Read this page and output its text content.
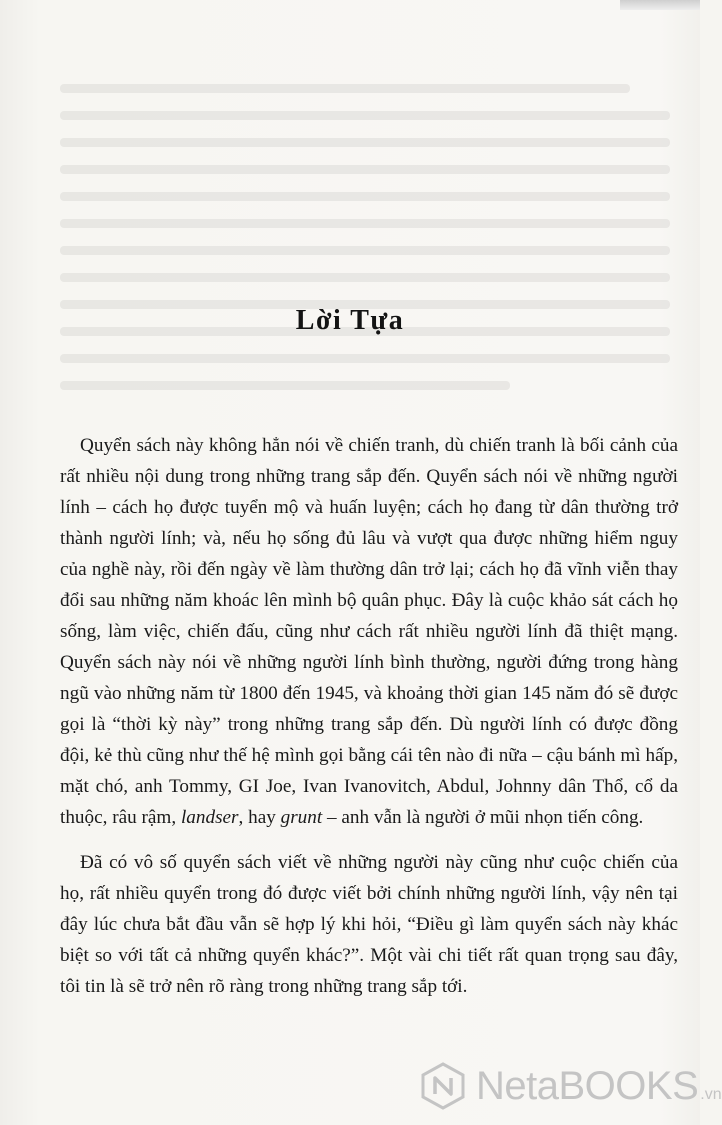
Lời Tựa

Quyển sách này không hẳn nói về chiến tranh, dù chiến tranh là bối cảnh của rất nhiều nội dung trong những trang sắp đến. Quyển sách nói về những người lính – cách họ được tuyển mộ và huấn luyện; cách họ đang từ dân thường trở thành người lính; và, nếu họ sống đủ lâu và vượt qua được những hiểm nguy của nghề này, rồi đến ngày về làm thường dân trở lại; cách họ đã vĩnh viễn thay đổi sau những năm khoác lên mình bộ quân phục. Đây là cuộc khảo sát cách họ sống, làm việc, chiến đấu, cũng như cách rất nhiều người lính đã thiệt mạng. Quyển sách này nói về những người lính bình thường, người đứng trong hàng ngũ vào những năm từ 1800 đến 1945, và khoảng thời gian 145 năm đó sẽ được gọi là “thời kỳ này” trong những trang sắp đến. Dù người lính có được đồng đội, kẻ thù cũng như thế hệ mình gọi bằng cái tên nào đi nữa – cậu bánh mì hấp, mặt chó, anh Tommy, GI Joe, Ivan Ivanovitch, Abdul, Johnny dân Thổ, cổ da thuộc, râu rậm, landser, hay grunt – anh vẫn là người ở mũi nhọn tiến công.

Đã có vô số quyển sách viết về những người này cũng như cuộc chiến của họ, rất nhiều quyển trong đó được viết bởi chính những người lính, vậy nên tại đây lúc chưa bắt đầu vẫn sẽ hợp lý khi hỏi, “Điều gì làm quyển sách này khác biệt so với tất cả những quyển khác?”. Một vài chi tiết rất quan trọng sau đây, tôi tin là sẽ trở nên rõ ràng trong những trang sắp tới.

NetaBOOKS .vn
